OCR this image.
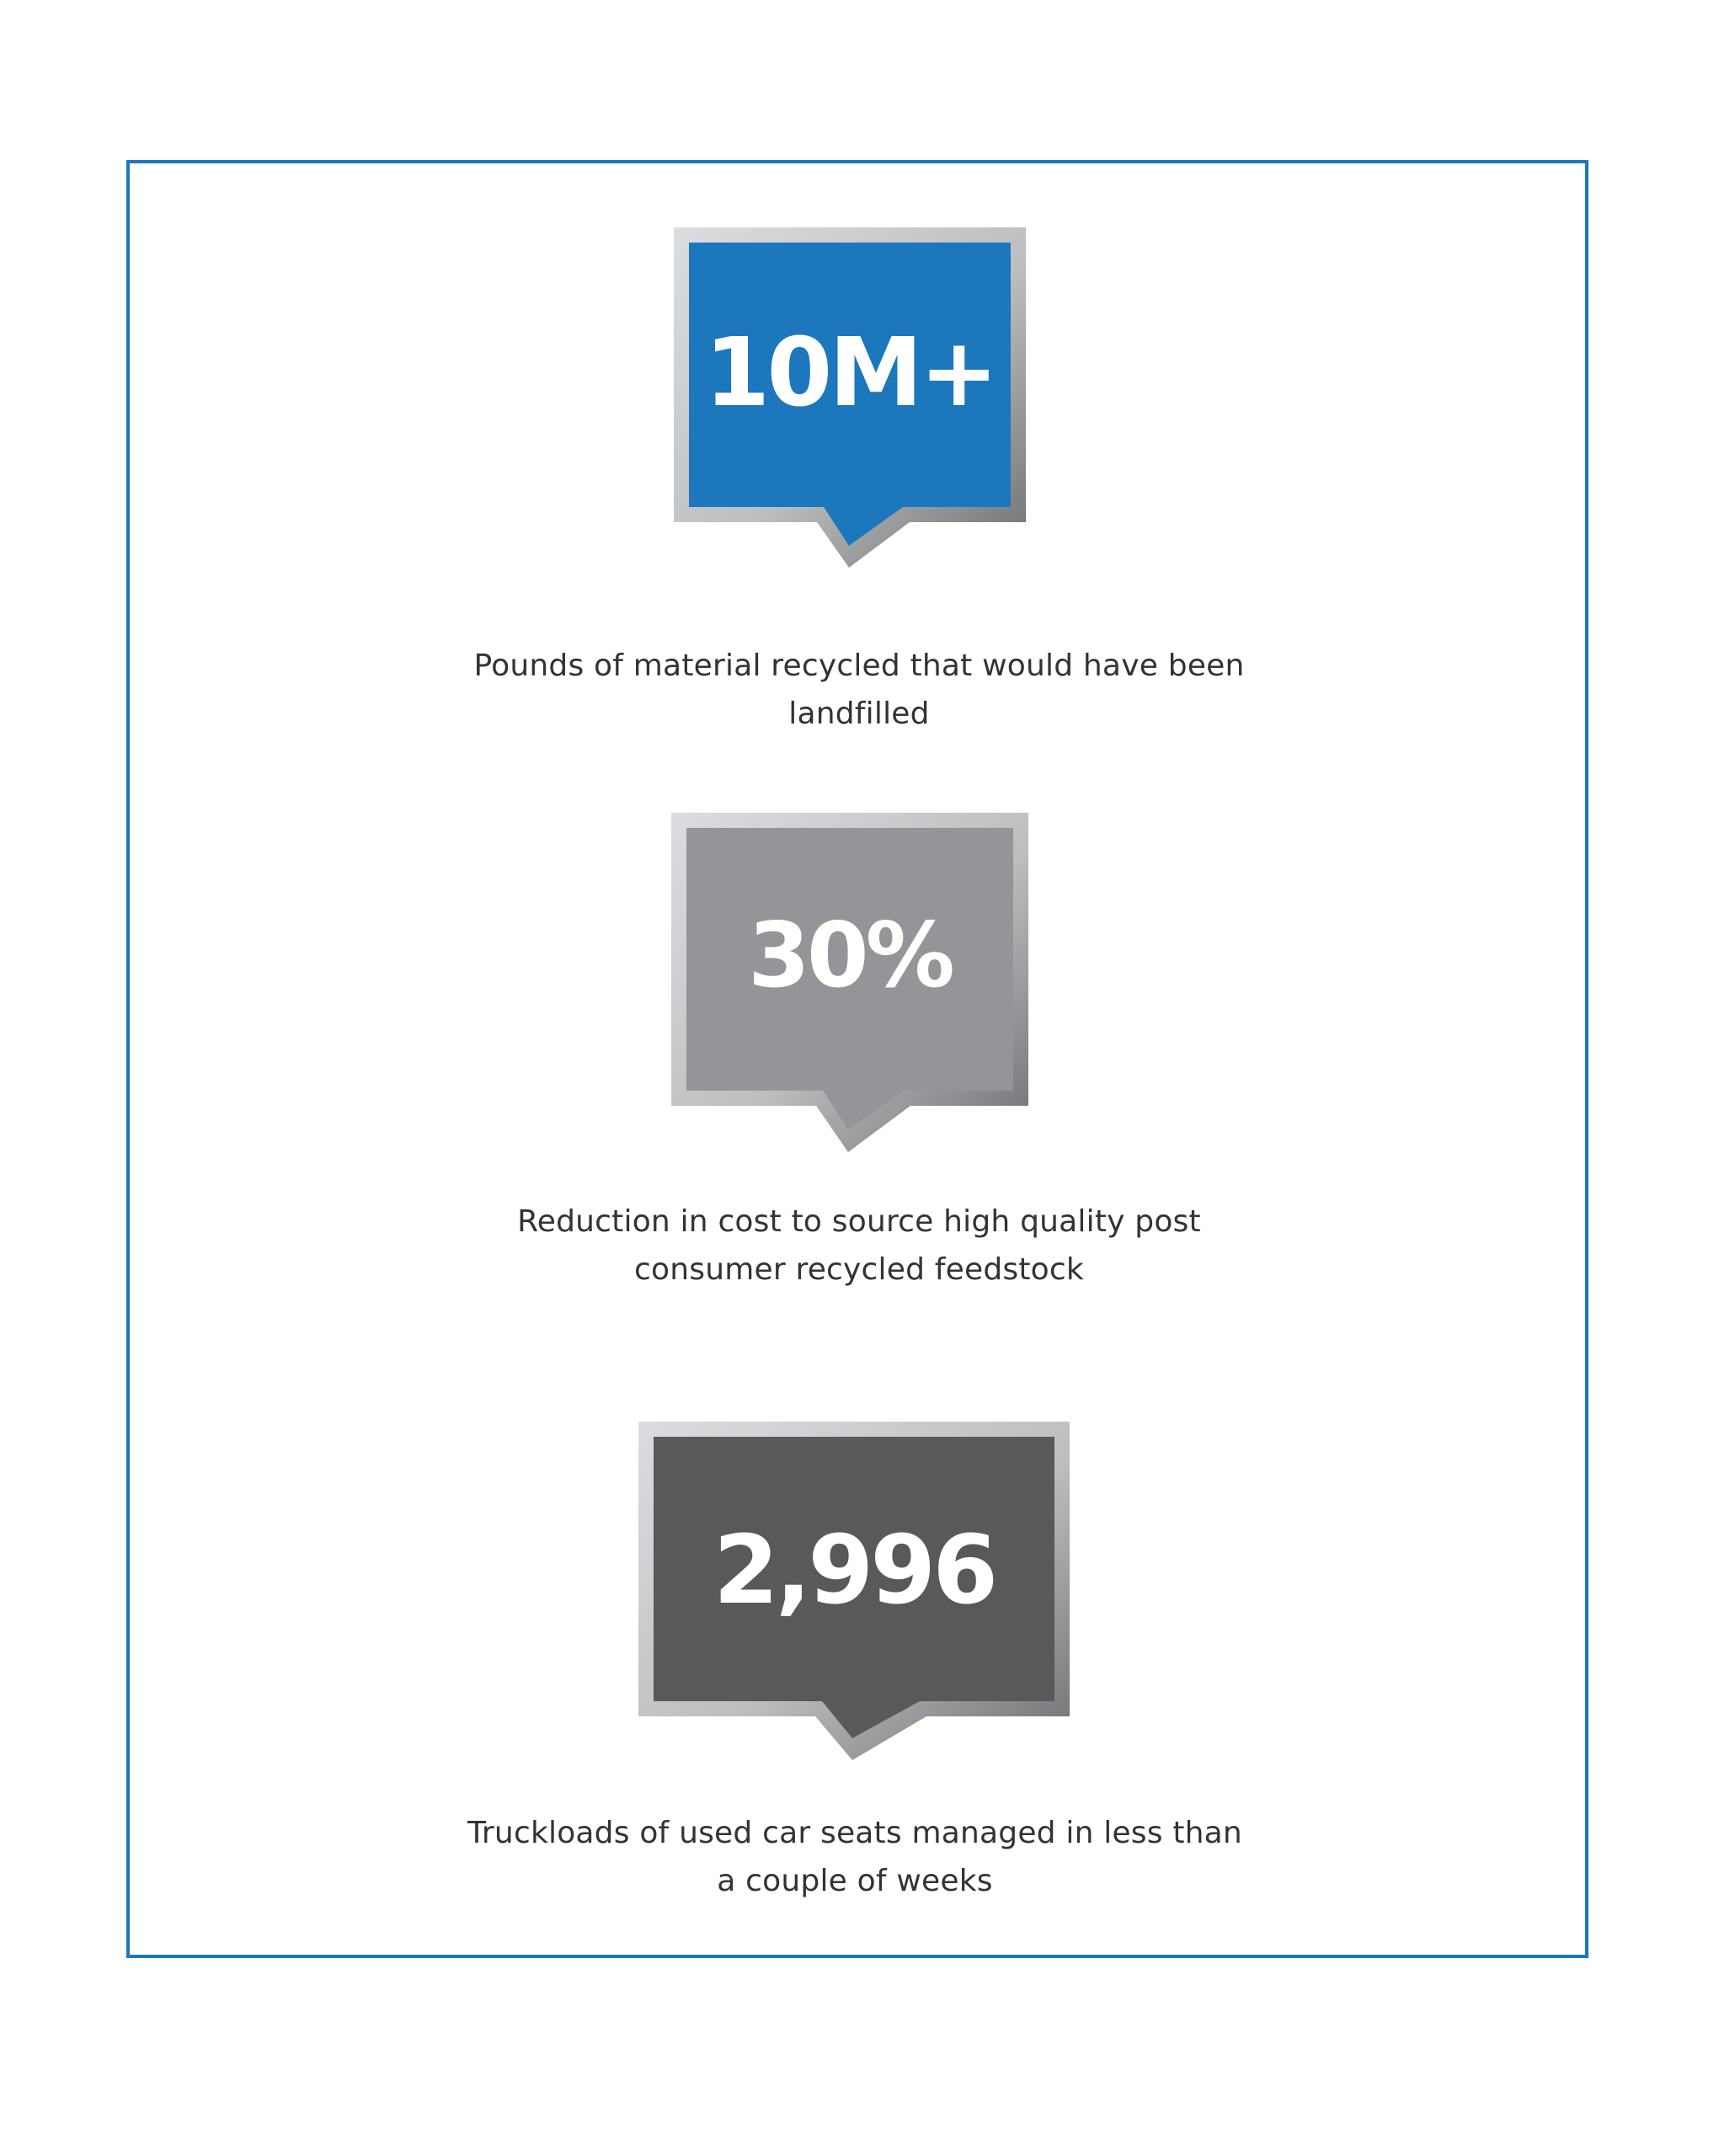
10M+
Pounds of material recycled that would have been landfilled
30%
Reduction in cost to source high quality post consumer recycled feedstock
2,996
Truckloads of used car seats managed in less than a couple of weeks
